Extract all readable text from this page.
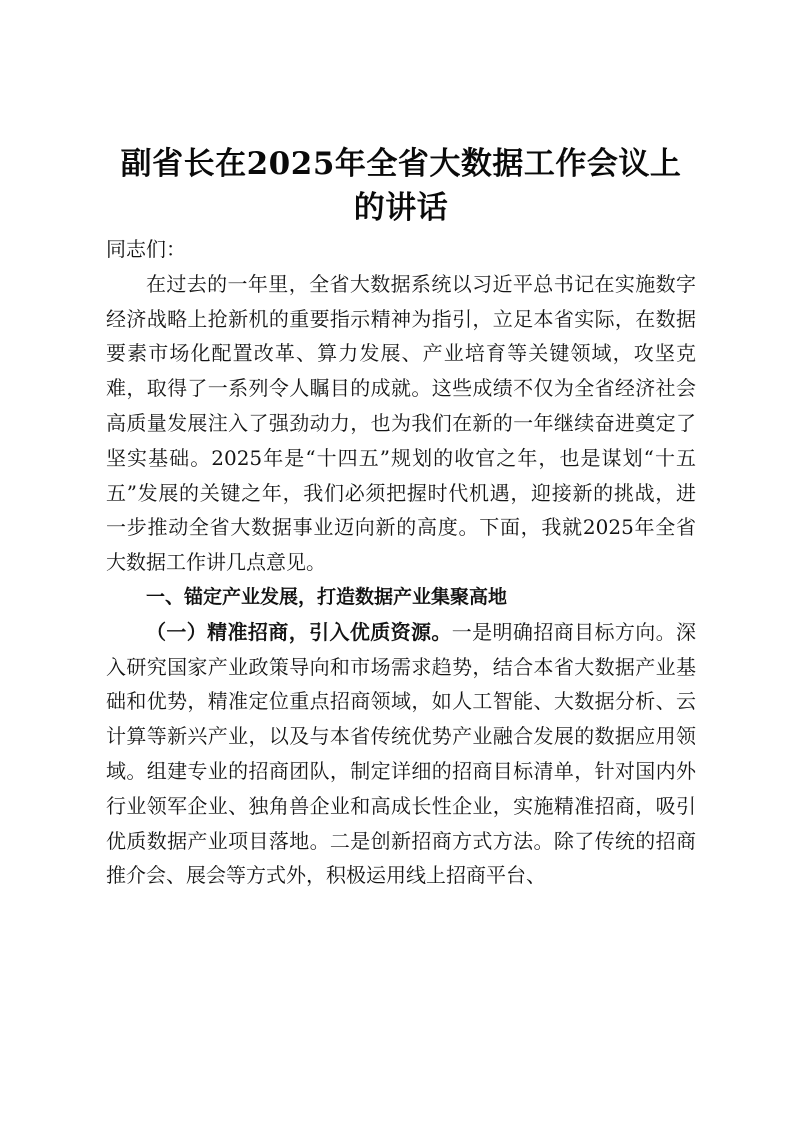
副省长在2025年全省大数据工作会议上的讲话

同志们：

在过去的一年里，全省大数据系统以习近平总书记在实施数字经济战略上抢新机的重要指示精神为指引，立足本省实际，在数据要素市场化配置改革、算力发展、产业培育等关键领域，攻坚克难，取得了一系列令人瞩目的成就。这些成绩不仅为全省经济社会高质量发展注入了强劲动力，也为我们在新的一年继续奋进奠定了坚实基础。2025年是“十四五”规划的收官之年，也是谋划“十五五”发展的关键之年，我们必须把握时代机遇，迎接新的挑战，进一步推动全省大数据事业迈向新的高度。下面，我就2025年全省大数据工作讲几点意见。

一、锚定产业发展，打造数据产业集聚高地

（一）精准招商，引入优质资源。一是明确招商目标方向。深入研究国家产业政策导向和市场需求趋势，结合本省大数据产业基础和优势，精准定位重点招商领域，如人工智能、大数据分析、云计算等新兴产业，以及与本省传统优势产业融合发展的数据应用领域。组建专业的招商团队，制定详细的招商目标清单，针对国内外行业领军企业、独角兽企业和高成长性企业，实施精准招商，吸引优质数据产业项目落地。二是创新招商方式方法。除了传统的招商推介会、展会等方式外，积极运用线上招商平台、
